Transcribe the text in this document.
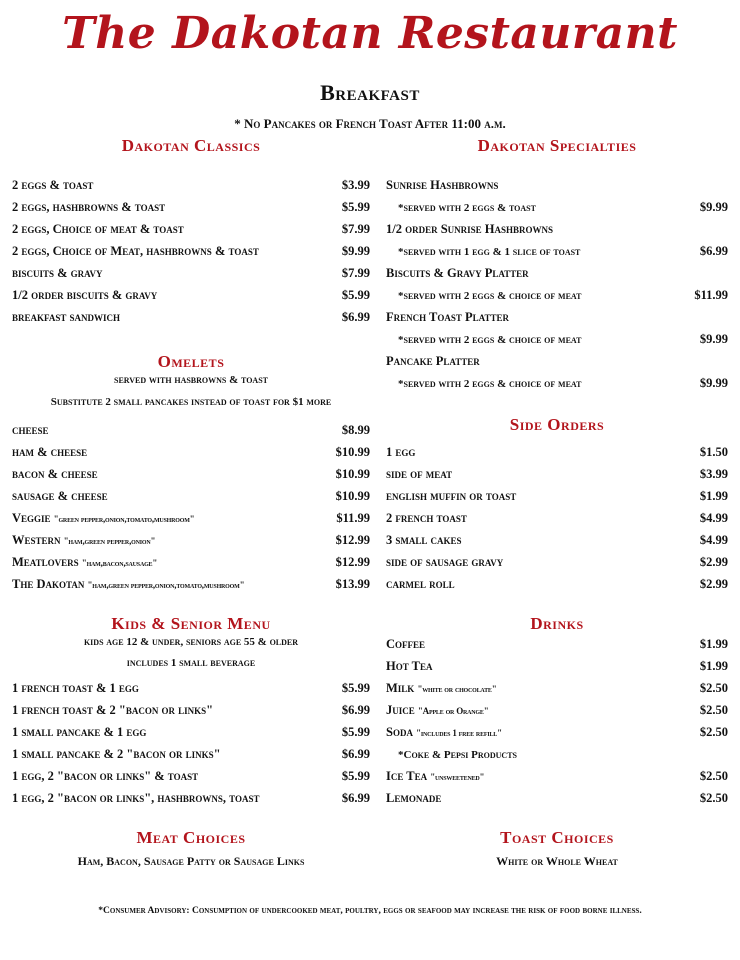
The Dakotan Restaurant
Breakfast
* No Pancakes or French Toast After 11:00 a.m.
Dakotan Classics
2 eggs & toast	$3.99
2 eggs, hashbrowns & toast	$5.99
2 eggs, Choice of meat & toast	$7.99
2 eggs, Choice of Meat, hashbrowns & toast	$9.99
biscuits & gravy	$7.99
1/2 order biscuits & gravy	$5.99
breakfast sandwich	$6.99
Omelets
served with hasbrowns & toast
Substitute 2 small pancakes instead of toast for $1 more
cheese	$8.99
ham & cheese	$10.99
bacon & cheese	$10.99
sausage & cheese	$10.99
Veggie "green pepper,onion,tomato,mushroom"	$11.99
Western "ham,green pepper,onion"	$12.99
Meatlovers "ham,bacon,sausage"	$12.99
The Dakotan "ham,green pepper,onion,tomato,mushroom"	$13.99
Kids & Senior Menu
kids age 12 & under, seniors age 55 & older
includes 1 small beverage
1 french toast & 1 egg	$5.99
1 french toast & 2 "bacon or links"	$6.99
1 small pancake & 1 egg	$5.99
1 small pancake & 2 "bacon or links"	$6.99
1 egg, 2 "bacon or links" & toast	$5.99
1 egg, 2 "bacon or links", hashbrowns, toast	$6.99
Meat Choices
Ham, Bacon, Sausage Patty or Sausage Links
Dakotan Specialties
Sunrise Hashbrowns
*served with 2 eggs & toast	$9.99
1/2 order Sunrise Hashbrowns
*served with 1 egg & 1 slice of toast	$6.99
Biscuits & Gravy Platter
*served with 2 eggs & choice of meat	$11.99
French Toast Platter
*served with 2 eggs & choice of meat	$9.99
Pancake Platter
*served with 2 eggs & choice of meat	$9.99
Side Orders
1 egg	$1.50
side of meat	$3.99
english muffin or toast	$1.99
2 french toast	$4.99
3 small cakes	$4.99
side of sausage gravy	$2.99
carmel roll	$2.99
Drinks
Coffee	$1.99
Hot Tea	$1.99
Milk "white or chocolate"	$2.50
Juice "Apple or Orange"	$2.50
Soda "includes 1 free refill"	$2.50
*Coke & Pepsi Products
Ice Tea "unsweetened"	$2.50
Lemonade	$2.50
Toast Choices
White or Whole Wheat
*Consumer Advisory: Consumption of undercooked meat, poultry, eggs or seafood may increase the risk of food borne illness.
